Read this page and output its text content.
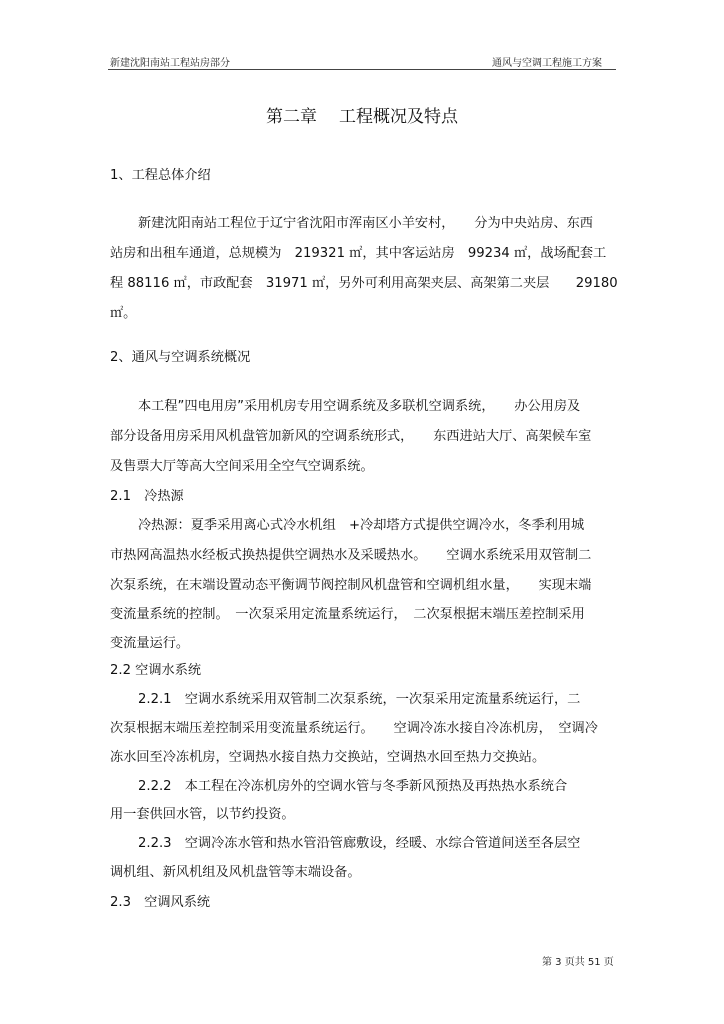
新建沈阳南站工程站房部分	通风与空调工程施工方案
第二章 工程概况及特点
1、工程总体介绍
新建沈阳南站工程位于辽宁省沈阳市浑南区小羊安村，　　分为中央站房、东西
站房和出租车通道，总规模为　219321 ㎡，其中客运站房　99234 ㎡，战场配套工
程 88116 ㎡，市政配套　31971 ㎡，另外可利用高架夹层、高架第二夹层　　29180
㎡。
2、通风与空调系统概况
本工程”四电用房”采用机房专用空调系统及多联机空调系统，　　办公用房及
部分设备用房采用风机盘管加新风的空调系统形式，　　东西进站大厅、高架候车室
及售票大厅等高大空间采用全空气空调系统。
2.1　冷热源
冷热源：夏季采用离心式冷水机组　+冷却塔方式提供空调冷水，冬季利用城
市热网高温热水经板式换热提供空调热水及采暖热水。　　空调水系统采用双管制二
次泵系统，在末端设置动态平衡调节阀控制风机盘管和空调机组水量，　　实现末端
变流量系统的控制。　一次泵采用定流量系统运行，　二次泵根据末端压差控制采用
变流量运行。
2.2 空调水系统
2.2.1　空调水系统采用双管制二次泵系统，一次泵采用定流量系统运行，二
次泵根据末端压差控制采用变流量系统运行。　　空调冷冻水接自冷冻机房，　空调冷
冻水回至冷冻机房，空调热水接自热力交换站，空调热水回至热力交换站。
2.2.2　本工程在冷冻机房外的空调水管与冬季新风预热及再热热水系统合
用一套供回水管，以节约投资。
2.2.3　空调冷冻水管和热水管沿管廊敷设，经暖、水综合管道间送至各层空
调机组、新风机组及风机盘管等末端设备。
2.3　空调风系统
第 3 页共 51 页
